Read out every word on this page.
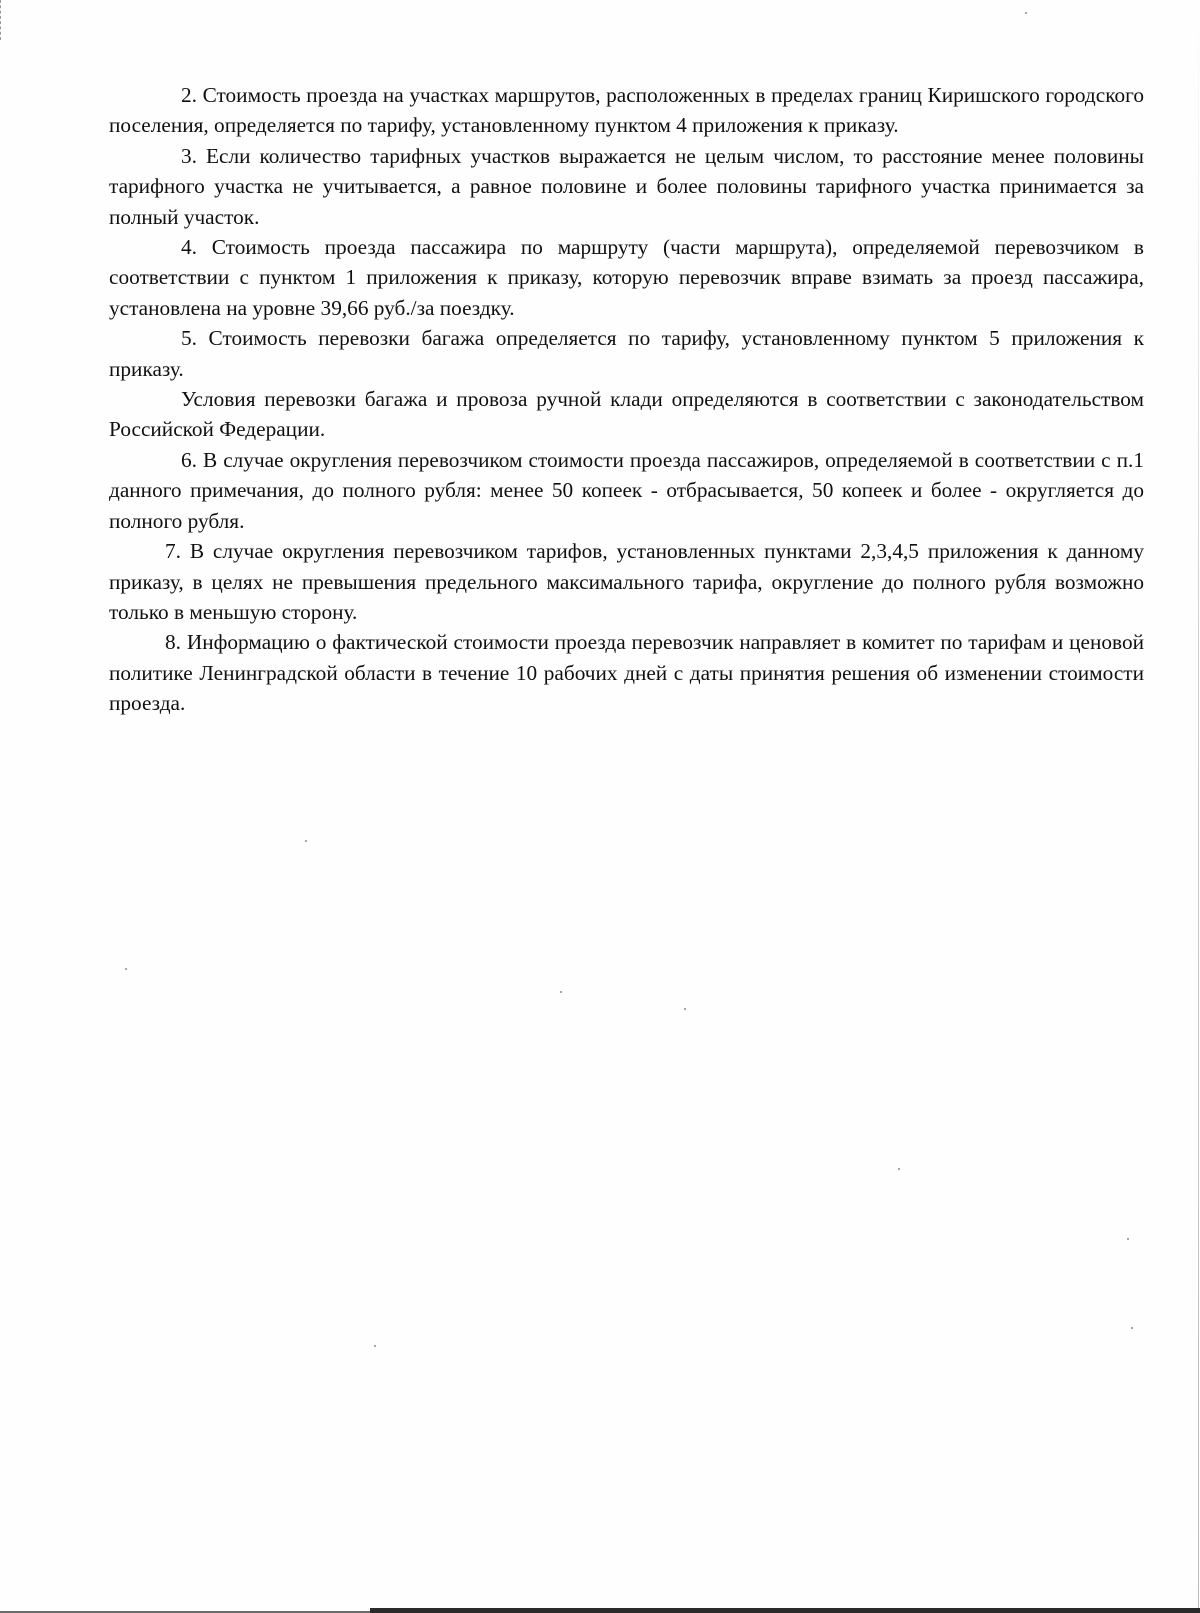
2. Стоимость проезда на участках маршрутов, расположенных в пределах границ Киришского городского поселения, определяется по тарифу, установленному пунктом 4 приложения к приказу.

3. Если количество тарифных участков выражается не целым числом, то расстояние менее половины тарифного участка не учитывается, а равное половине и более половины тарифного участка принимается за полный участок.

4. Стоимость проезда пассажира по маршруту (части маршрута), определяемой перевозчиком в соответствии с пунктом 1 приложения к приказу, которую перевозчик вправе взимать за проезд пассажира, установлена на уровне 39,66 руб./за поездку.

5. Стоимость перевозки багажа определяется по тарифу, установленному пунктом 5 приложения к приказу.

Условия перевозки багажа и провоза ручной клади определяются в соответствии с законодательством Российской Федерации.

6. В случае округления перевозчиком стоимости проезда пассажиров, определяемой в соответствии с п.1 данного примечания, до полного рубля: менее 50 копеек - отбрасывается, 50 копеек и более - округляется до полного рубля.

7. В случае округления перевозчиком тарифов, установленных пунктами 2,3,4,5 приложения к данному приказу, в целях не превышения предельного максимального тарифа, округление до полного рубля возможно только в меньшую сторону.

8. Информацию о фактической стоимости проезда перевозчик направляет в комитет по тарифам и ценовой политике Ленинградской области в течение 10 рабочих дней с даты принятия решения об изменении стоимости проезда.
